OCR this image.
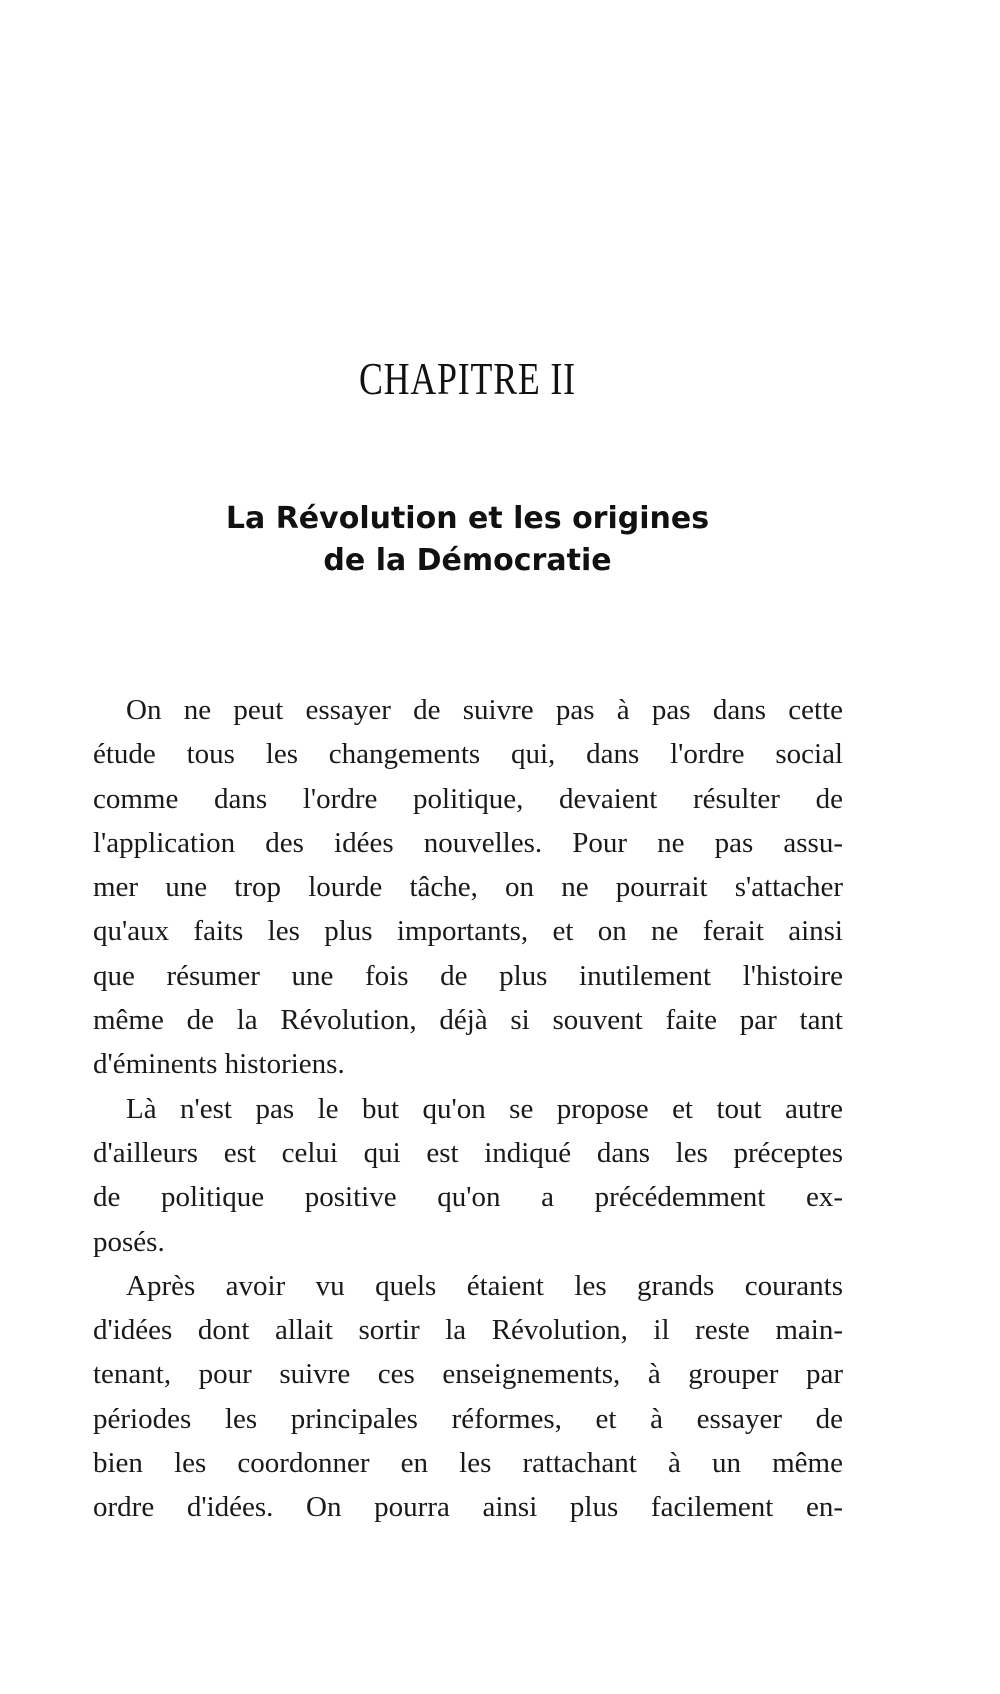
CHAPITRE II
La Révolution et les origines
de la Démocratie
On ne peut essayer de suivre pas à pas dans cette
étude tous les changements qui, dans l'ordre social
comme dans l'ordre politique, devaient résulter de
l'application des idées nouvelles. Pour ne pas assu-
mer une trop lourde tâche, on ne pourrait s'attacher
qu'aux faits les plus importants, et on ne ferait ainsi
que résumer une fois de plus inutilement l'histoire
même de la Révolution, déjà si souvent faite par tant
d'éminents historiens.
Là n'est pas le but qu'on se propose et tout autre
d'ailleurs est celui qui est indiqué dans les préceptes
de politique positive qu'on a précédemment ex-
posés.
Après avoir vu quels étaient les grands courants
d'idées dont allait sortir la Révolution, il reste main-
tenant, pour suivre ces enseignements, à grouper par
périodes les principales réformes, et à essayer de
bien les coordonner en les rattachant à un même
ordre d'idées. On pourra ainsi plus facilement en-
